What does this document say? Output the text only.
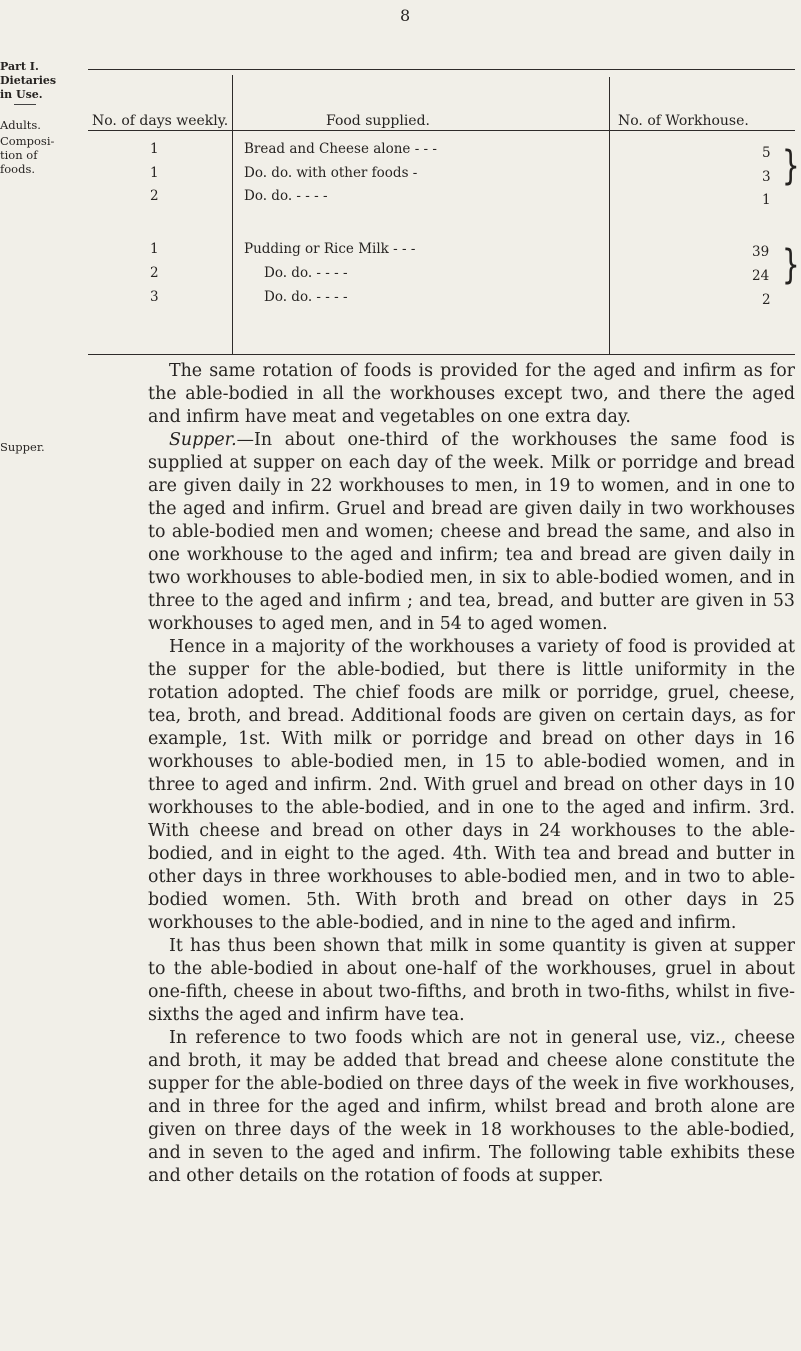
8
Part I.
Dietaries
in Use.
Adults.
Composi-
tion of
foods.
Supper.
No. of days weekly.	Food supplied.	No. of Workhouse.
1	Bread and Cheese alone - - -	5
1	Do. do. with other foods -	3
2	Do. do. - - - -	1
}
1	Pudding or Rice Milk - - -	39
2	Do. do. - - - -	24
3	Do. do. - - - -	2
}

The same rotation of foods is provided for the aged and infirm as for the able-bodied in all the workhouses except two, and there the aged and infirm have meat and vegetables on one extra day.

Supper.—In about one-third of the workhouses the same food is supplied at supper on each day of the week. Milk or porridge and bread are given daily in 22 workhouses to men, in 19 to women, and in one to the aged and infirm. Gruel and bread are given daily in two workhouses to able-bodied men and women; cheese and bread the same, and also in one workhouse to the aged and infirm; tea and bread are given daily in two workhouses to able-bodied men, in six to able-bodied women, and in three to the aged and infirm ; and tea, bread, and butter are given in 53 workhouses to aged men, and in 54 to aged women.

Hence in a majority of the workhouses a variety of food is provided at the supper for the able-bodied, but there is little uniformity in the rotation adopted. The chief foods are milk or porridge, gruel, cheese, tea, broth, and bread. Additional foods are given on certain days, as for example, 1st. With milk or porridge and bread on other days in 16 workhouses to able-bodied men, in 15 to able-bodied women, and in three to aged and infirm. 2nd. With gruel and bread on other days in 10 workhouses to the able-bodied, and in one to the aged and infirm. 3rd. With cheese and bread on other days in 24 workhouses to the able-bodied, and in eight to the aged. 4th. With tea and bread and butter in other days in three workhouses to able-bodied men, and in two to able-bodied women. 5th. With broth and bread on other days in 25 workhouses to the able-bodied, and in nine to the aged and infirm.

It has thus been shown that milk in some quantity is given at supper to the able-bodied in about one-half of the workhouses, gruel in about one-fifth, cheese in about two-fifths, and broth in two-fiths, whilst in five-sixths the aged and infirm have tea.

In reference to two foods which are not in general use, viz., cheese and broth, it may be added that bread and cheese alone constitute the supper for the able-bodied on three days of the week in five workhouses, and in three for the aged and infirm, whilst bread and broth alone are given on three days of the week in 18 workhouses to the able-bodied, and in seven to the aged and infirm. The following table exhibits these and other details on the rotation of foods at supper.
